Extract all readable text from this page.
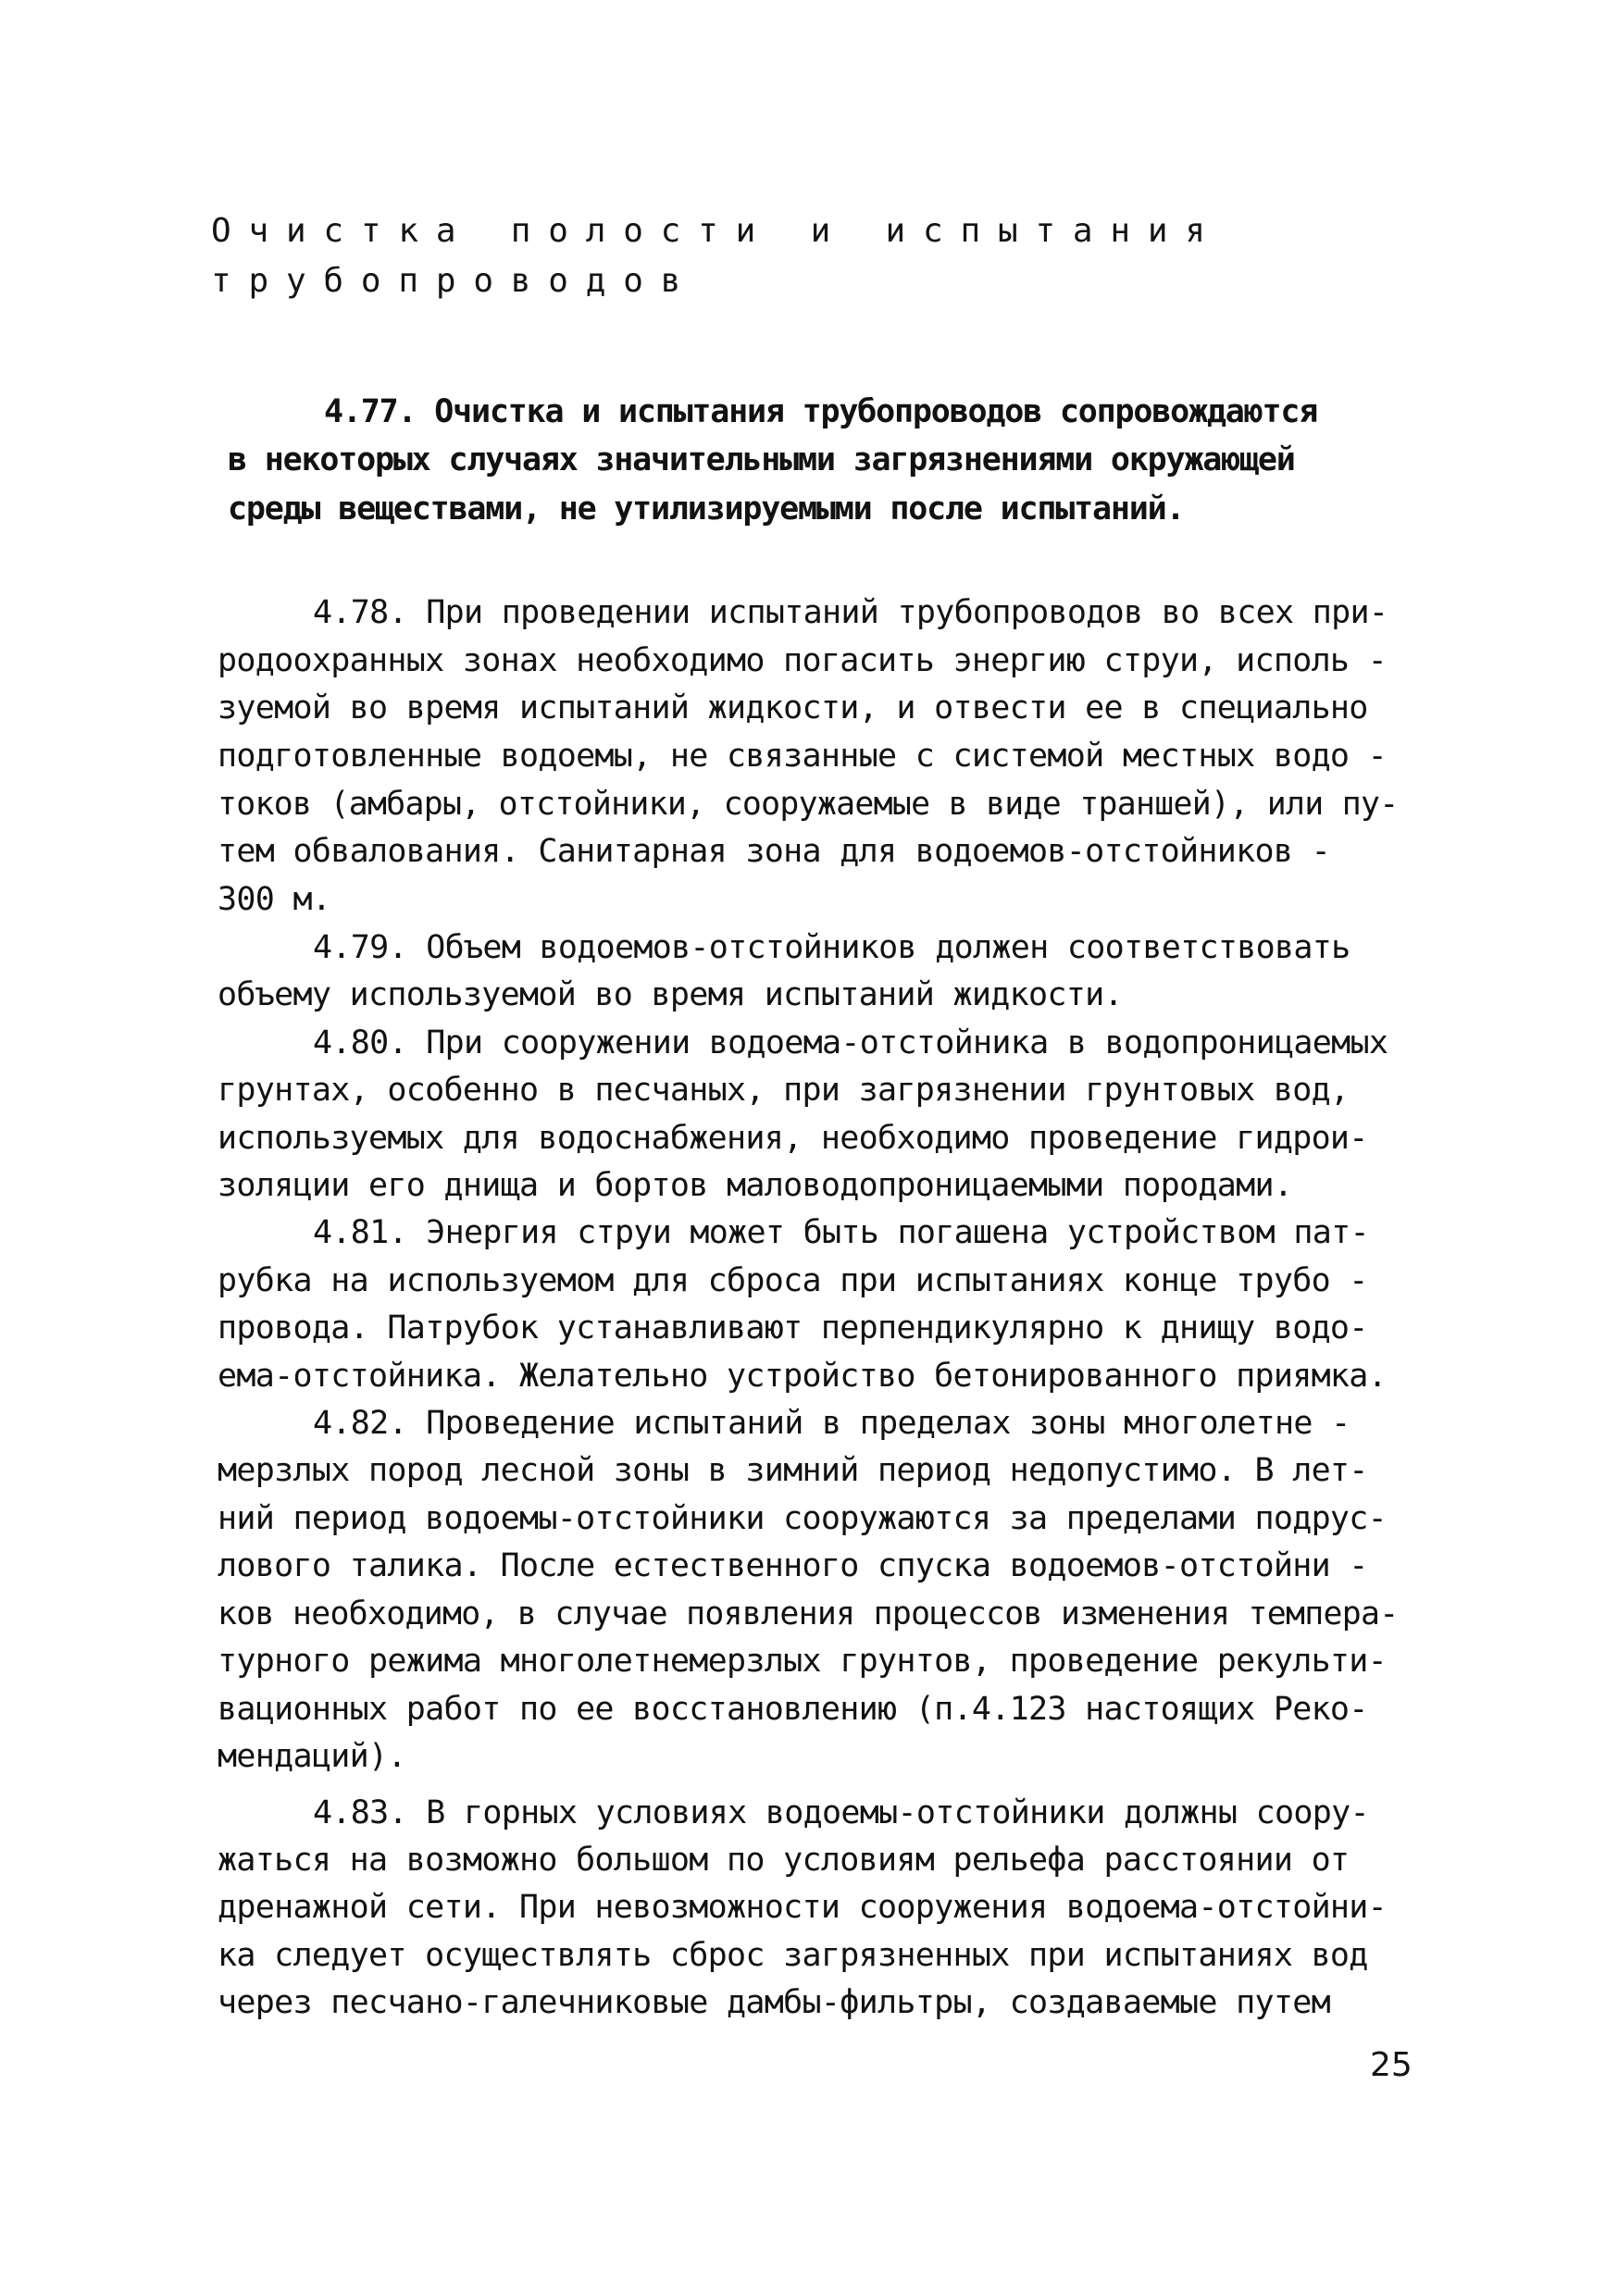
Очистка полости и испытания
трубопроводов
4.77. Очистка и испытания трубопроводов сопровождаются
в некоторых случаях значительными загрязнениями окружающей
среды веществами, не утилизируемыми после испытаний.
4.78. При проведении испытаний трубопроводов во всех при-
родоохранных зонах необходимо погасить энергию струи, исполь -
зуемой во время испытаний жидкости, и отвести ее в специально
подготовленные водоемы, не связанные с системой местных водо -
токов (амбары, отстойники, сооружаемые в виде траншей), или пу-
тем обвалования. Санитарная зона для водоемов-отстойников -
300 м.
4.79. Объем водоемов-отстойников должен соответствовать
объему используемой во время испытаний жидкости.
4.80. При сооружении водоема-отстойника в водопроницаемых
грунтах, особенно в песчаных, при загрязнении грунтовых вод,
используемых для водоснабжения, необходимо проведение гидрои-
золяции его днища и бортов маловодопроницаемыми породами.
4.81. Энергия струи может быть погашена устройством пат-
рубка на используемом для сброса при испытаниях конце трубо -
провода. Патрубок устанавливают перпендикулярно к днищу водо-
ема-отстойника. Желательно устройство бетонированного приямка.
4.82. Проведение испытаний в пределах зоны многолетне -
мерзлых пород лесной зоны в зимний период недопустимо. В лет-
ний период водоемы-отстойники сооружаются за пределами подрус-
лового талика. После естественного спуска водоемов-отстойни -
ков необходимо, в случае появления процессов изменения темпера-
турного режима многолетнемерзлых грунтов, проведение рекульти-
вационных работ по ее восстановлению (п.4.123 настоящих Реко-
мендаций).
4.83. В горных условиях водоемы-отстойники должны соору-
жаться на возможно большом по условиям рельефа расстоянии от
дренажной сети. При невозможности сооружения водоема-отстойни-
ка следует осуществлять сброс загрязненных при испытаниях вод
через песчано-галечниковые дамбы-фильтры, создаваемые путем
25
